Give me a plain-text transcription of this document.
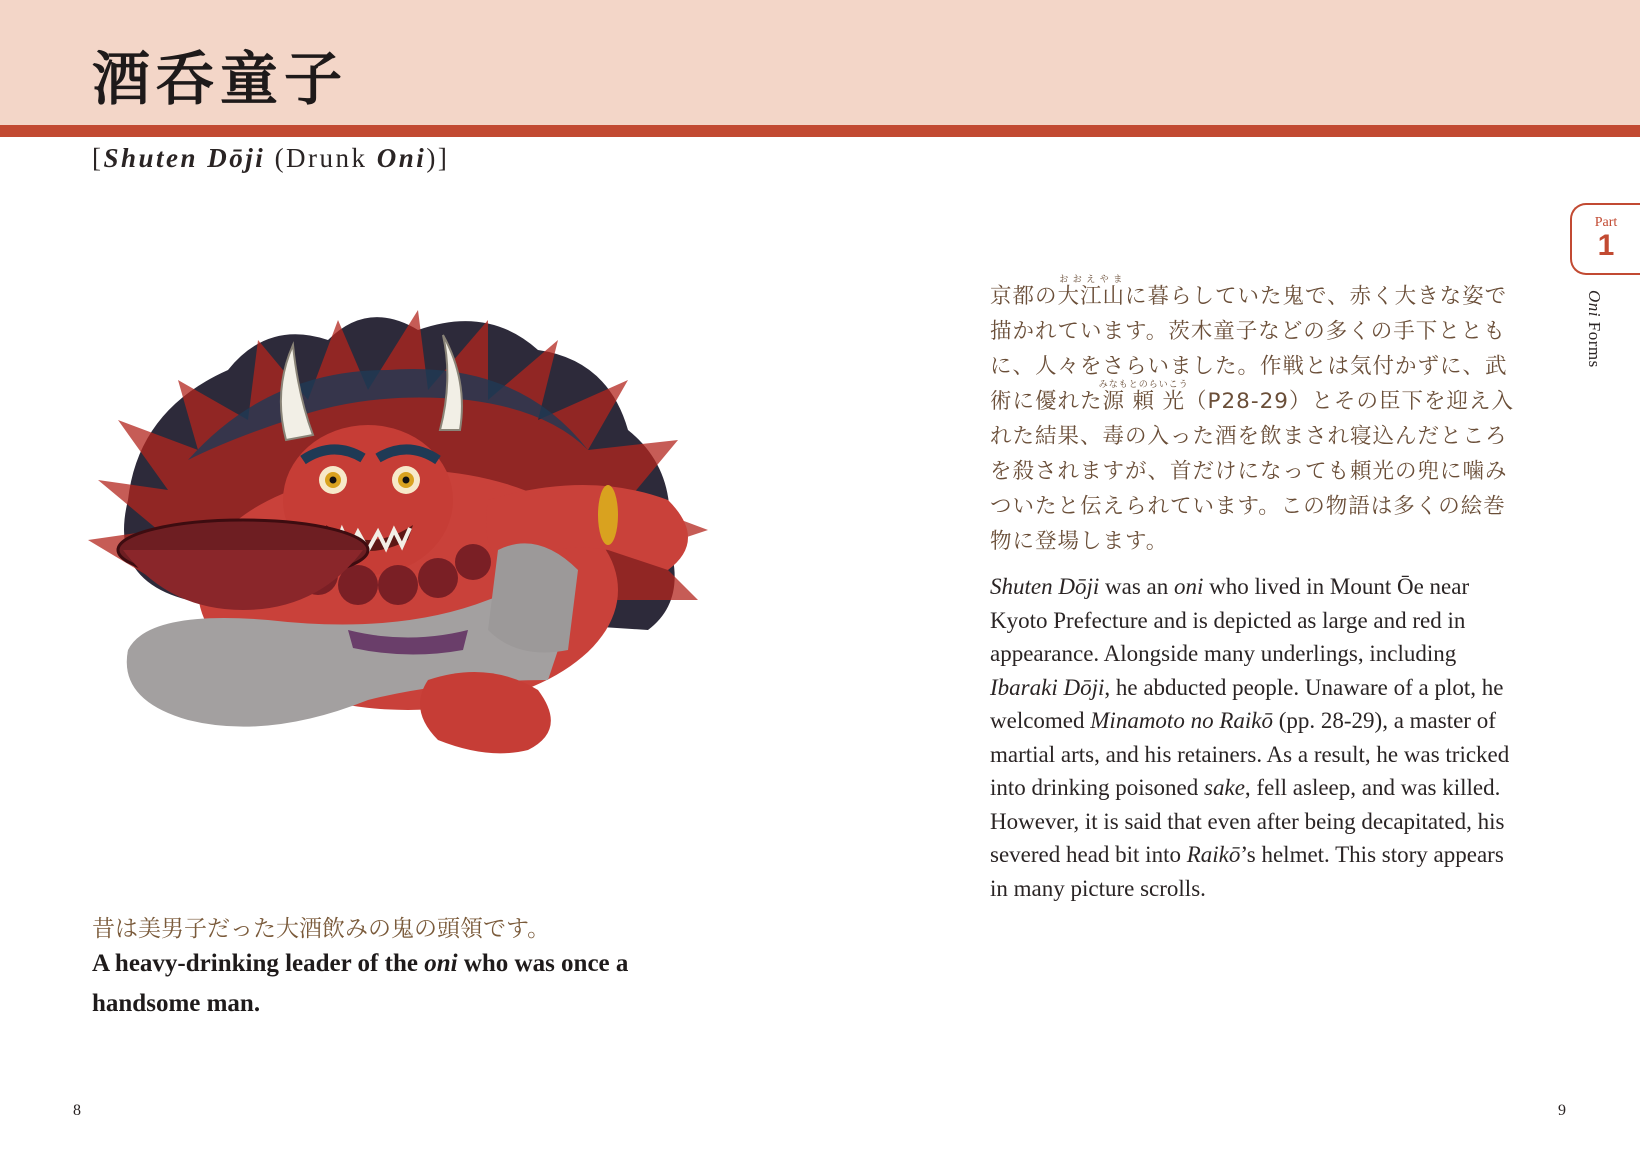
酒呑童子
[Shuten Dōji (Drunk Oni)]
Part
1
Oni Forms
昔は美男子だった大酒飲みの鬼の頭領です。
A heavy-drinking leader of the oni who was once a handsome man.

京都の大江山おおえやまに暮らしていた鬼で、赤く大きな姿で描かれています。茨木童子などの多くの手下とともに、人々をさらいました。作戦とは気付かずに、武術に優れた源頼光みなもとのらいこう（P28-29）とその臣下を迎え入れた結果、毒の入った酒を飲まされ寝込んだところを殺されますが、首だけになっても頼光の兜に噛みついたと伝えられています。この物語は多くの絵巻物に登場します。

Shuten Dōji was an oni who lived in Mount Ōe near Kyoto Prefecture and is depicted as large and red in appearance. Alongside many underlings, including Ibaraki Dōji, he abducted people. Unaware of a plot, he welcomed Minamoto no Raikō (pp. 28-29), a master of martial arts, and his retainers. As a result, he was tricked into drinking poisoned sake, fell asleep, and was killed. However, it is said that even after being decapitated, his severed head bit into Raikō’s helmet. This story appears in many picture scrolls.

8	9
